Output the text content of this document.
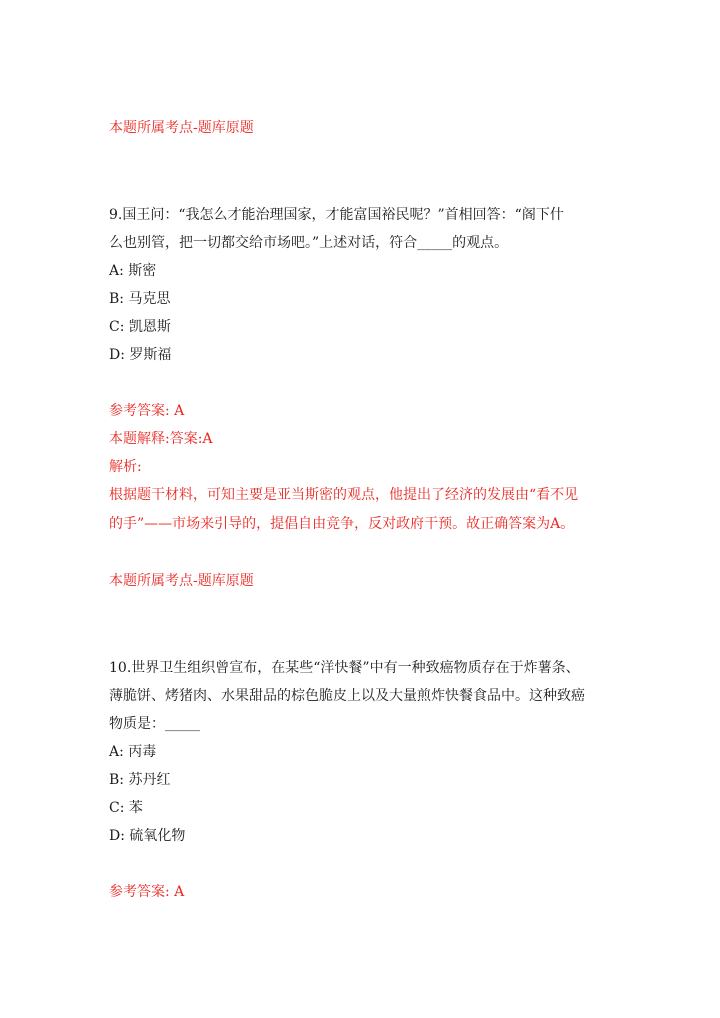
本题所属考点-题库原题
9.国王问：“我怎么才能治理国家，才能富国裕民呢？”首相回答：“阁下什
么也别管，把一切都交给市场吧。”上述对话，符合_____的观点。
A: 斯密
B: 马克思
C: 凯恩斯
D: 罗斯福
参考答案: A
本题解释:答案:A
解析:
根据题干材料，可知主要是亚当斯密的观点，他提出了经济的发展由“看不见
的手”——市场来引导的，提倡自由竞争，反对政府干预。故正确答案为A。
本题所属考点-题库原题
10.世界卫生组织曾宣布，在某些“洋快餐”中有一种致癌物质存在于炸薯条、
薄脆饼、烤猪肉、水果甜品的棕色脆皮上以及大量煎炸快餐食品中。这种致癌
物质是：_____
A: 丙毒
B: 苏丹红
C: 苯
D: 硫氧化物
参考答案: A
